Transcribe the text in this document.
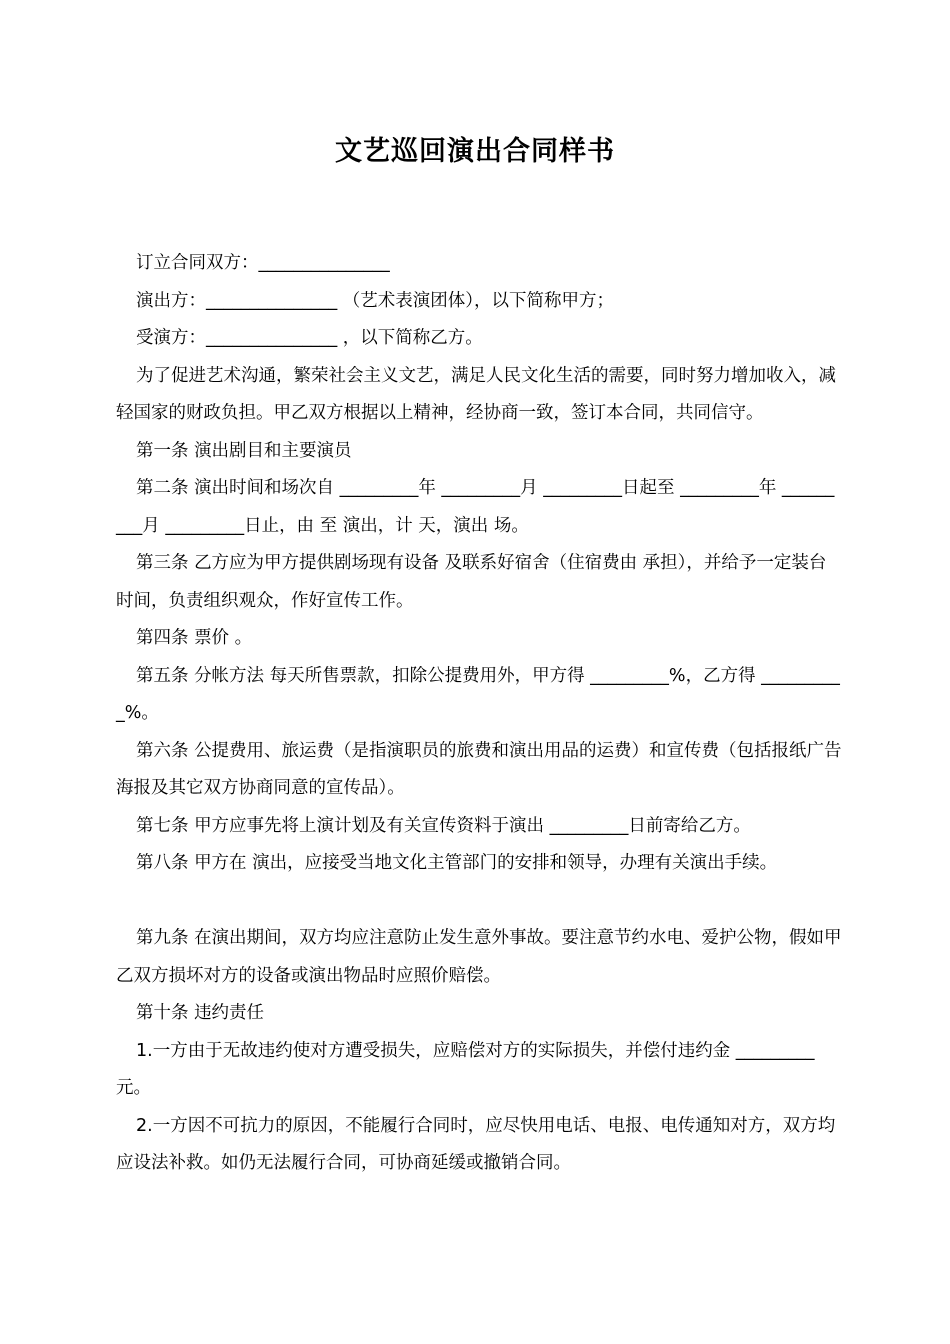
文艺巡回演出合同样书

订立合同双方：_______________

演出方：_______________ （艺术表演团体），以下简称甲方；

受演方：_______________ ，以下简称乙方。

为了促进艺术沟通，繁荣社会主义文艺，满足人民文化生活的需要，同时努力增加收入，减轻国家的财政负担。甲乙双方根据以上精神，经协商一致，签订本合同，共同信守。

第一条 演出剧目和主要演员

第二条 演出时间和场次自 _________年 _________月 _________日起至 _________年 _________月 _________日止，由 至 演出，计 天，演出 场。

第三条 乙方应为甲方提供剧场现有设备 及联系好宿舍（住宿费由 承担），并给予一定装台时间，负责组织观众，作好宣传工作。

第四条 票价 。

第五条 分帐方法 每天所售票款，扣除公提费用外，甲方得 _________%，乙方得 __________%。

第六条 公提费用、旅运费（是指演职员的旅费和演出用品的运费）和宣传费（包括报纸广告海报及其它双方协商同意的宣传品）。

第七条 甲方应事先将上演计划及有关宣传资料于演出 _________日前寄给乙方。

第八条 甲方在 演出，应接受当地文化主管部门的安排和领导，办理有关演出手续。

第九条 在演出期间，双方均应注意防止发生意外事故。要注意节约水电、爱护公物，假如甲乙双方损坏对方的设备或演出物品时应照价赔偿。

第十条 违约责任

1.一方由于无故违约使对方遭受损失，应赔偿对方的实际损失，并偿付违约金 _________元。

2.一方因不可抗力的原因，不能履行合同时，应尽快用电话、电报、电传通知对方，双方均应设法补救。如仍无法履行合同，可协商延缓或撤销合同。
